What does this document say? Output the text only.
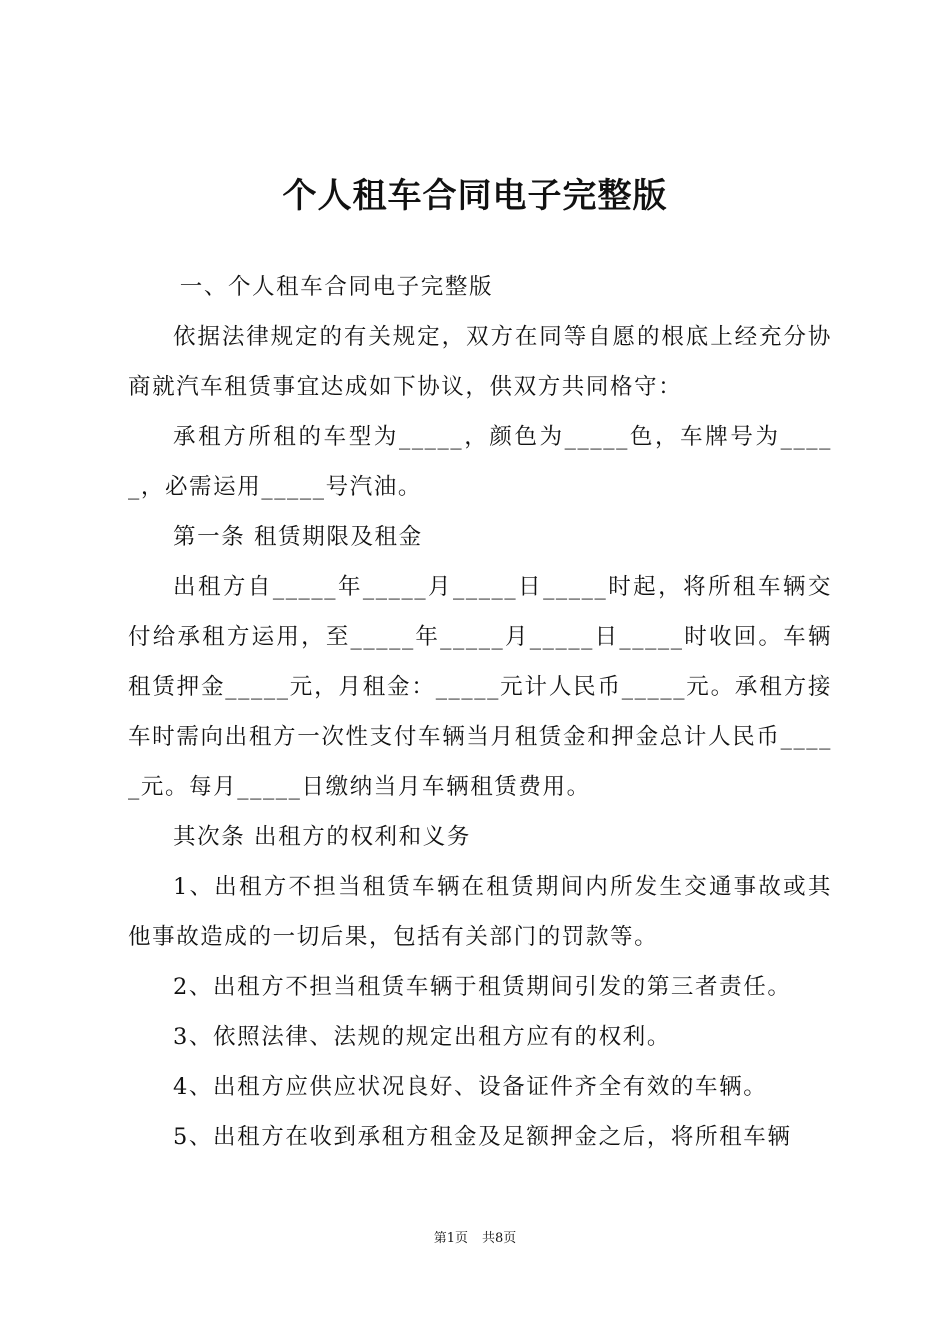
个人租车合同电子完整版

一、个人租车合同电子完整版

依据法律规定的有关规定，双方在同等自愿的根底上经充分协商就汽车租赁事宜达成如下协议，供双方共同格守：

承租方所租的车型为_____，颜色为_____色，车牌号为_____，必需运用_____号汽油。

第一条 租赁期限及租金

出租方自_____年_____月_____日_____时起，将所租车辆交付给承租方运用，至_____年_____月_____日_____时收回。车辆租赁押金_____元，月租金：_____元计人民币_____元。承租方接车时需向出租方一次性支付车辆当月租赁金和押金总计人民币_____元。每月_____日缴纳当月车辆租赁费用。

其次条 出租方的权利和义务

1、出租方不担当租赁车辆在租赁期间内所发生交通事故或其他事故造成的一切后果，包括有关部门的罚款等。

2、出租方不担当租赁车辆于租赁期间引发的第三者责任。

3、依照法律、法规的规定出租方应有的权利。

4、出租方应供应状况良好、设备证件齐全有效的车辆。

5、出租方在收到承租方租金及足额押金之后，将所租车辆

第1页 共8页
